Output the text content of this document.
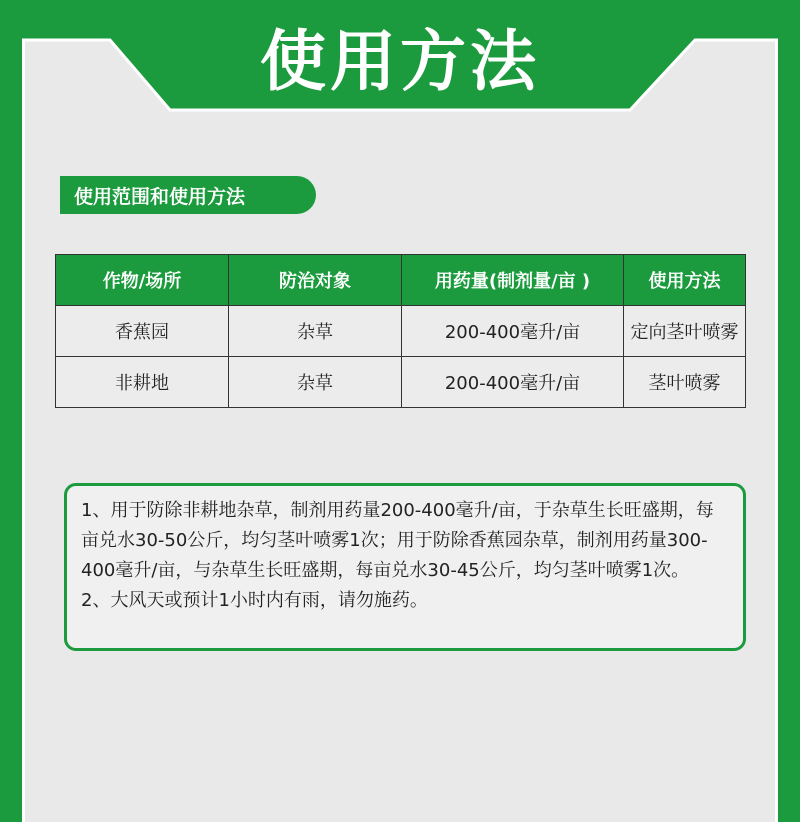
使用方法
使用范围和使用方法
作物/场所	防治对象	用药量(制剂量/亩 )	使用方法
香蕉园	杂草	200-400毫升/亩	定向茎叶喷雾
非耕地	杂草	200-400毫升/亩	茎叶喷雾

1、用于防除非耕地杂草，制剂用药量200-400毫升/亩，于杂草生长旺盛期，每亩兑水30-50公斤，均匀茎叶喷雾1次；用于防除香蕉园杂草，制剂用药量300-400毫升/亩，与杂草生长旺盛期，每亩兑水30-45公斤，均匀茎叶喷雾1次。

2、大风天或预计1小时内有雨，请勿施药。
